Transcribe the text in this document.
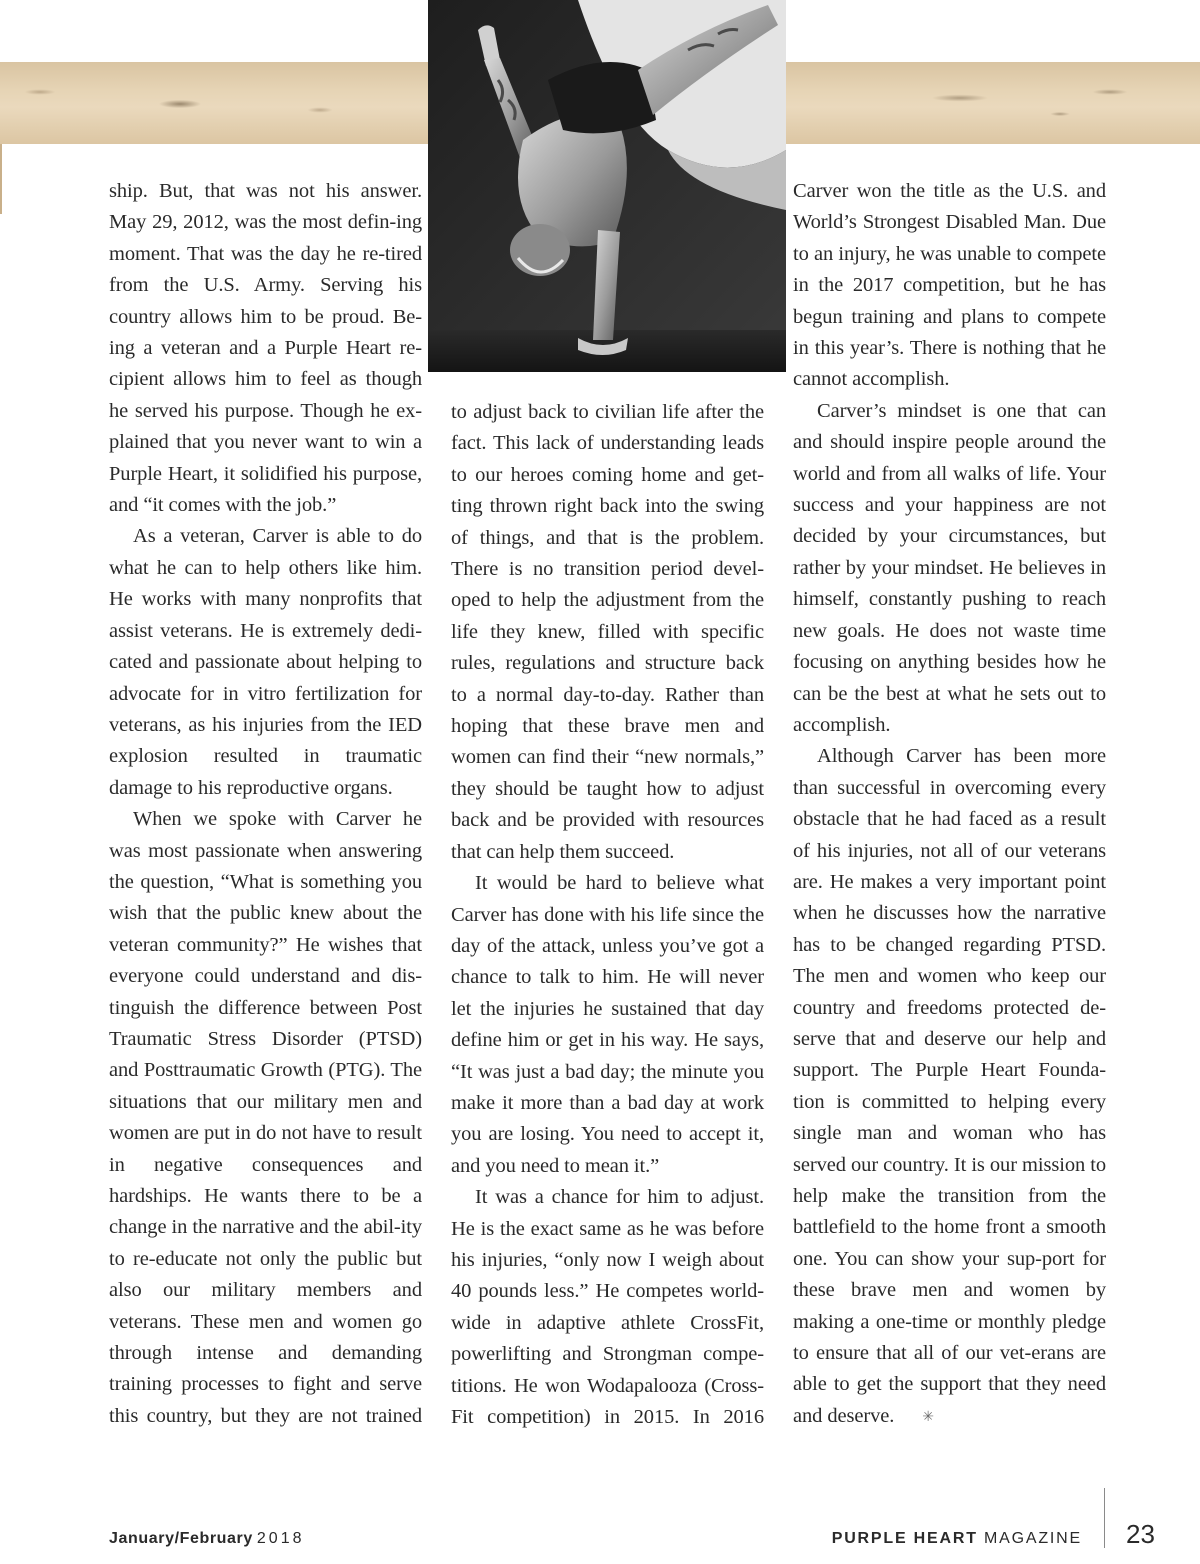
ship. But, that was not his answer. May 29, 2012, was the most defin-ing moment. That was the day he re-tired from the U.S. Army. Serving his country allows him to be proud. Be-ing a veteran and a Purple Heart re-cipient allows him to feel as though he served his purpose. Though he ex-plained that you never want to win a Purple Heart, it solidified his purpose, and “it comes with the job.”

As a veteran, Carver is able to do what he can to help others like him. He works with many nonprofits that assist veterans. He is extremely dedi-cated and passionate about helping to advocate for in vitro fertilization for veterans, as his injuries from the IED explosion resulted in traumatic damage to his reproductive organs.

When we spoke with Carver he was most passionate when answering the question, “What is something you wish that the public knew about the veteran community?” He wishes that everyone could understand and dis-tinguish the difference between Post Traumatic Stress Disorder (PTSD) and Posttraumatic Growth (PTG). The situations that our military men and women are put in do not have to result in negative consequences and hardships. He wants there to be a change in the narrative and the abil-ity to re-educate not only the public but also our military members and veterans. These men and women go through intense and demanding training processes to fight and serve this country, but they are not trained

to adjust back to civilian life after the fact. This lack of understanding leads to our heroes coming home and get-ting thrown right back into the swing of things, and that is the problem. There is no transition period devel-oped to help the adjustment from the life they knew, filled with specific rules, regulations and structure back to a normal day-to-day. Rather than hoping that these brave men and women can find their “new normals,” they should be taught how to adjust back and be provided with resources that can help them succeed.

It would be hard to believe what Carver has done with his life since the day of the attack, unless you’ve got a chance to talk to him. He will never let the injuries he sustained that day define him or get in his way. He says, “It was just a bad day; the minute you make it more than a bad day at work you are losing. You need to accept it, and you need to mean it.”

It was a chance for him to adjust. He is the exact same as he was before his injuries, “only now I weigh about 40 pounds less.” He competes world-wide in adaptive athlete CrossFit, powerlifting and Strongman compe-titions. He won Wodapalooza (Cross-Fit competition) in 2015. In 2016

Carver won the title as the U.S. and World’s Strongest Disabled Man. Due to an injury, he was unable to compete in the 2017 competition, but he has begun training and plans to compete in this year’s. There is nothing that he cannot accomplish.

Carver’s mindset is one that can and should inspire people around the world and from all walks of life. Your success and your happiness are not decided by your circumstances, but rather by your mindset. He believes in himself, constantly pushing to reach new goals. He does not waste time focusing on anything besides how he can be the best at what he sets out to accomplish.

Although Carver has been more than successful in overcoming every obstacle that he had faced as a result of his injuries, not all of our veterans are. He makes a very important point when he discusses how the narrative has to be changed regarding PTSD. The men and women who keep our country and freedoms protected de-serve that and deserve our help and support. The Purple Heart Founda-tion is committed to helping every single man and woman who has served our country. It is our mission to help make the transition from the battlefield to the home front a smooth one. You can show your sup-port for these brave men and women by making a one-time or monthly pledge to ensure that all of our vet-erans are able to get the support that they need and deserve. ✳

January/February 2018	PURPLE HEART MAGAZINE 23
